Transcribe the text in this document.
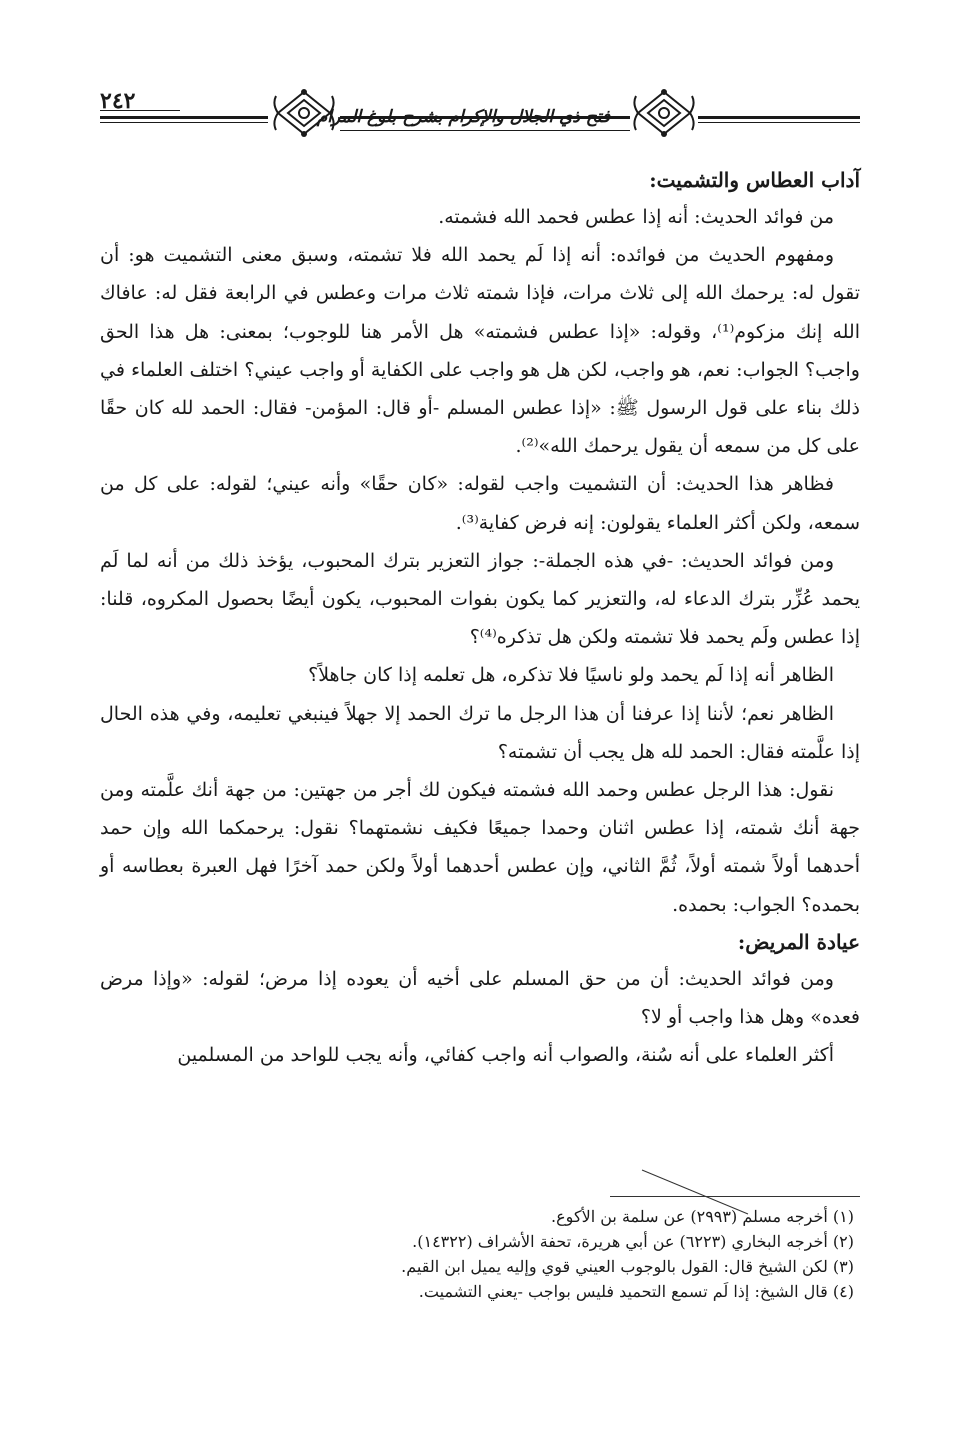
٢٤٢
فتح ذي الجلال والإكرام بشرح بلوغ المرام

آداب العطاس والتشميت:

من فوائد الحديث: أنه إذا عطس فحمد الله فشمته.

ومفهوم الحديث من فوائده: أنه إذا لَم يحمد الله فلا تشمته، وسبق معنى التشميت هو: أن تقول له: يرحمك الله إلى ثلاث مرات، فإذا شمته ثلاث مرات وعطس في الرابعة فقل له: عافاك الله إنك مزكوم⁽¹⁾، وقوله: «إذا عطس فشمته» هل الأمر هنا للوجوب؛ بمعنى: هل هذا الحق واجب؟ الجواب: نعم، هو واجب، لكن هل هو واجب على الكفاية أو واجب عيني؟ اختلف العلماء في ذلك بناء على قول الرسول ﷺ: «إذا عطس المسلم -أو قال: المؤمن- فقال: الحمد لله كان حقًا على كل من سمعه أن يقول يرحمك الله»⁽²⁾.

فظاهر هذا الحديث: أن التشميت واجب لقوله: «كان حقًا» وأنه عيني؛ لقوله: على كل من سمعه، ولكن أكثر العلماء يقولون: إنه فرض كفاية⁽³⁾.

ومن فوائد الحديث: -في هذه الجملة-: جواز التعزير بترك المحبوب، يؤخذ ذلك من أنه لما لَم يحمد عُزِّر بترك الدعاء له، والتعزير كما يكون بفوات المحبوب، يكون أيضًا بحصول المكروه، قلنا: إذا عطس ولَم يحمد فلا تشمته ولكن هل تذكره⁽⁴⁾؟

الظاهر أنه إذا لَم يحمد ولو ناسيًا فلا تذكره، هل تعلمه إذا كان جاهلاً؟

الظاهر نعم؛ لأننا إذا عرفنا أن هذا الرجل ما ترك الحمد إلا جهلاً فينبغي تعليمه، وفي هذه الحال إذا علَّمته فقال: الحمد لله هل يجب أن تشمته؟

نقول: هذا الرجل عطس وحمد الله فشمته فيكون لك أجر من جهتين: من جهة أنك علَّمته ومن جهة أنك شمته، إذا عطس اثنان وحمدا جميعًا فكيف نشمتهما؟ نقول: يرحمكما الله وإن حمد أحدهما أولاً شمته أولاً، ثُمَّ الثاني، وإن عطس أحدهما أولاً ولكن حمد آخرًا فهل العبرة بعطاسه أو بحمده؟ الجواب: بحمده.

عيادة المريض:

ومن فوائد الحديث: أن من حق المسلم على أخيه أن يعوده إذا مرض؛ لقوله: «وإذا مرض فعده» وهل هذا واجب أو لا؟

أكثر العلماء على أنه سُنة، والصواب أنه واجب كفائي، وأنه يجب للواحد من المسلمين

(١) أخرجه مسلم (٢٩٩٣) عن سلمة بن الأكوع.
(٢) أخرجه البخاري (٦٢٢٣) عن أبي هريرة، تحفة الأشراف (١٤٣٢٢).
(٣) لكن الشيخ قال: القول بالوجوب العيني قوي وإليه يميل ابن القيم.
(٤) قال الشيخ: إذا لَم تسمع التحميد فليس بواجب -يعني التشميت.
